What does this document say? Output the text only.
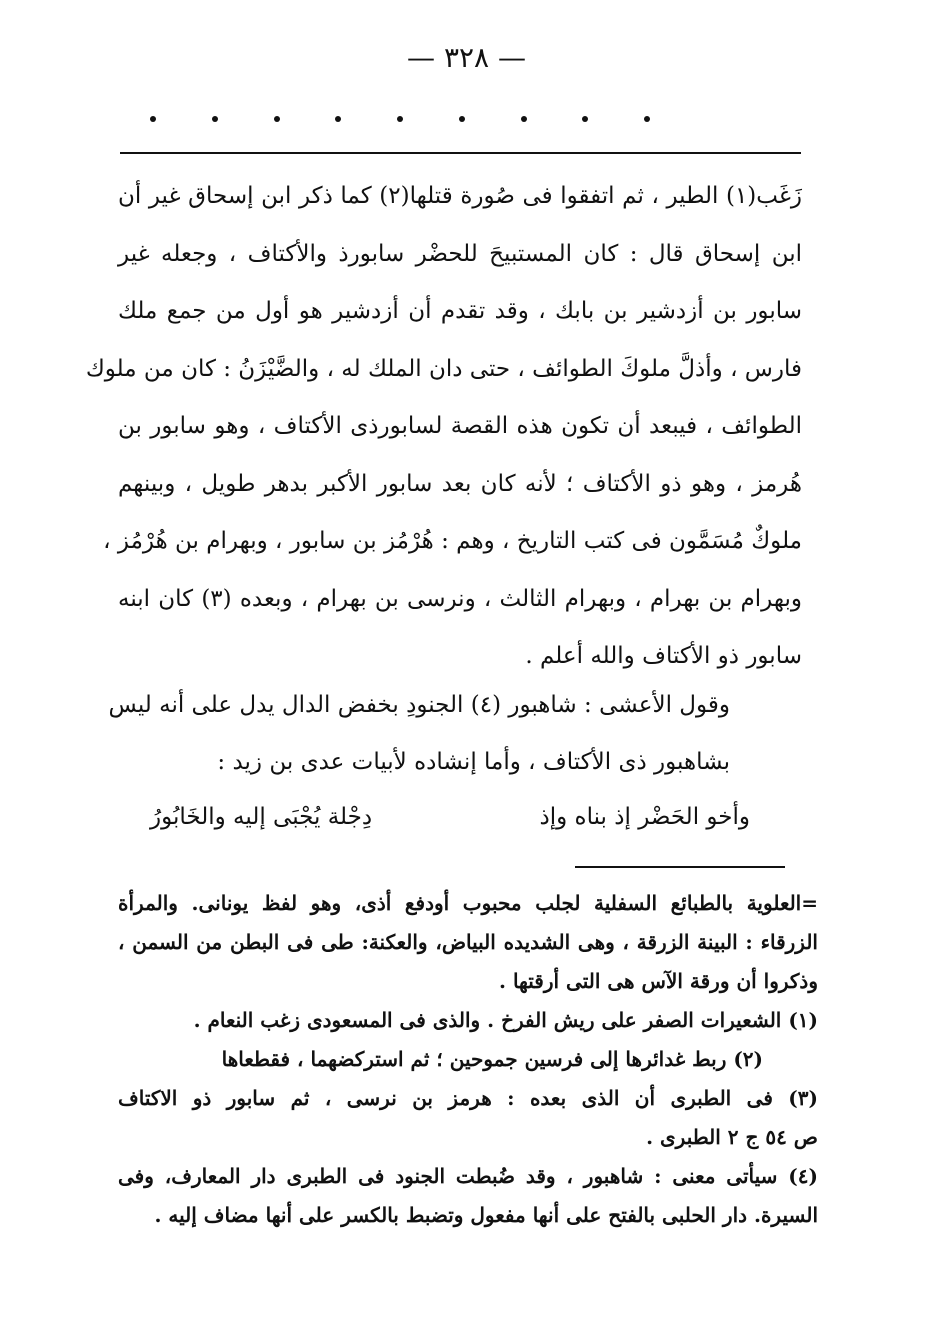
— ٣٢٨ —
زَغَب(١) الطير ، ثم اتفقوا فى صُورة قتلها(٢) كما ذكر ابن إسحاق غير أن
ابن إسحاق قال : كان المستبيحَ للحضْر سابورذ والأكتاف ، وجعله غير
سابور بن أزدشير بن بابك ، وقد تقدم أن أزدشير هو أول من جمع ملك
فارس ، وأذلَّ ملوكَ الطوائف ، حتى دان الملك له ، والضَّيْزَنُ : كان من ملوك
الطوائف ، فيبعد أن تكون هذه القصة لسابورذى الأكتاف ، وهو سابور بن
هُرمز ، وهو ذو الأكتاف ؛ لأنه كان بعد سابور الأكبر بدهر طويل ، وبينهم
ملوكٌ مُسَمَّون فى كتب التاريخ ، وهم : هُرْمُز بن سابور ، وبهرام بن هُرْمُز ،
وبهرام بن بهرام ، وبهرام الثالث ، ونرسى بن بهرام ، وبعده (٣) كان ابنه
سابور ذو الأكتاف والله أعلم .
وقول الأعشى : شاهبور (٤) الجنودِ بخفض الدال يدل على أنه ليس
بشاهبور ذى الأكتاف ، وأما إنشاده لأبيات عدى بن زيد :
وأخو الحَضْر إذ بناه وإذ
دِجْلة يُجْبَى إليه والخَابُورُ
=العلوية بالطبائع السفلية لجلب محبوب أودفع أذى، وهو لفظ يونانى. والمرأة
الزرقاء : البينة الزرقة ، وهى الشديده البياض، والعكنة: طى فى البطن من السمن ،
وذكروا أن ورقة الآس هى التى أرقتها .
(١) الشعيرات الصفر على ريش الفرخ . والذى فى المسعودى زغب النعام .
(٢) ربط غدائرها إلى فرسين جموحين ؛ ثم استركضهما ، فقطعاها
(٣) فى الطبرى أن الذى بعده : هرمز بن نرسى ، ثم سابور ذو الاكتاف
ص ٥٤ ج ٢ الطبرى .
(٤) سيأتى معنى : شاهبور ، وقد ضُبطت الجنود فى الطبرى دار المعارف، وفى
السيرة. دار الحلبى بالفتح على أنها مفعول وتضبط بالكسر على أنها مضاف إليه .
